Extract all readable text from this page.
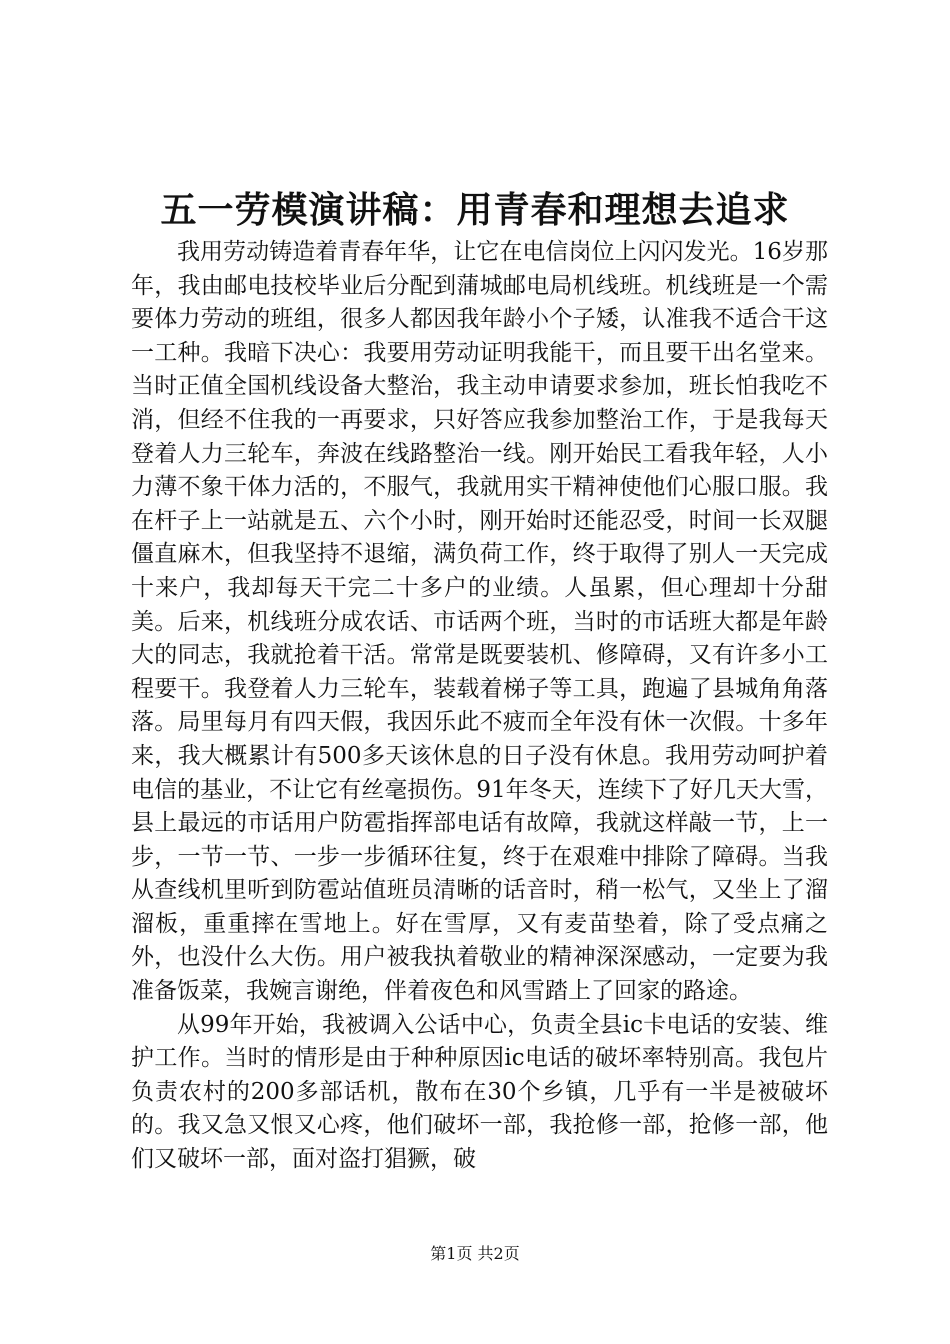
五一劳模演讲稿：用青春和理想去追求

我用劳动铸造着青春年华，让它在电信岗位上闪闪发光。16岁那年，我由邮电技校毕业后分配到蒲城邮电局机线班。机线班是一个需要体力劳动的班组，很多人都因我年龄小个子矮，认准我不适合干这一工种。我暗下决心：我要用劳动证明我能干，而且要干出名堂来。当时正值全国机线设备大整治，我主动申请要求参加，班长怕我吃不消，但经不住我的一再要求，只好答应我参加整治工作，于是我每天登着人力三轮车，奔波在线路整治一线。刚开始民工看我年轻，人小力薄不象干体力活的，不服气，我就用实干精神使他们心服口服。我在杆子上一站就是五、六个小时，刚开始时还能忍受，时间一长双腿僵直麻木，但我坚持不退缩，满负荷工作，终于取得了别人一天完成十来户，我却每天干完二十多户的业绩。人虽累，但心理却十分甜美。后来，机线班分成农话、市话两个班，当时的市话班大都是年龄大的同志，我就抢着干活。常常是既要装机、修障碍，又有许多小工程要干。我登着人力三轮车，装载着梯子等工具，跑遍了县城角角落落。局里每月有四天假，我因乐此不疲而全年没有休一次假。十多年来，我大概累计有500多天该休息的日子没有休息。我用劳动呵护着电信的基业，不让它有丝毫损伤。91年冬天，连续下了好几天大雪，县上最远的市话用户防雹指挥部电话有故障，我就这样敲一节，上一步，一节一节、一步一步循环往复，终于在艰难中排除了障碍。当我从查线机里听到防雹站值班员清晰的话音时，稍一松气，又坐上了溜溜板，重重摔在雪地上。好在雪厚，又有麦苗垫着，除了受点痛之外，也没什么大伤。用户被我执着敬业的精神深深感动，一定要为我准备饭菜，我婉言谢绝，伴着夜色和风雪踏上了回家的路途。

从99年开始，我被调入公话中心，负责全县ic卡电话的安装、维护工作。当时的情形是由于种种原因ic电话的破坏率特别高。我包片负责农村的200多部话机，散布在30个乡镇，几乎有一半是被破坏的。我又急又恨又心疼，他们破坏一部，我抢修一部，抢修一部，他们又破坏一部，面对盗打猖獗，破

第1页 共2页
